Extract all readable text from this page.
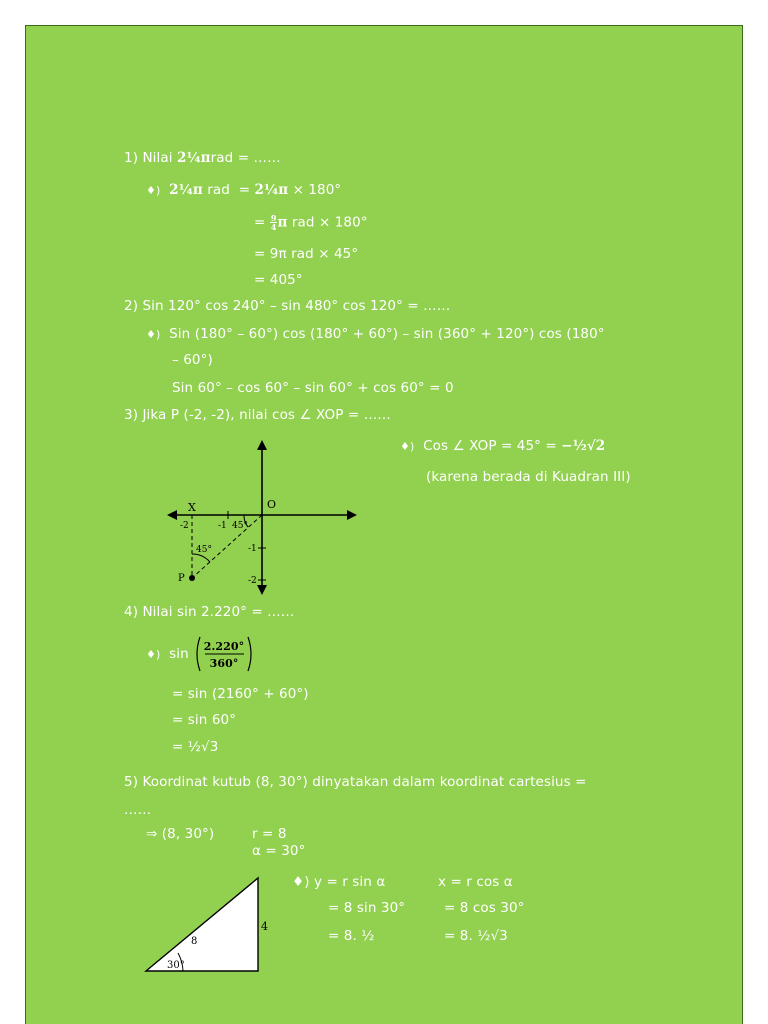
1) Nilai 2¼πrad = ……
♦) 2¼π rad = 2¼π × 180°
= $\frac{9}{4}$ π rad × 180°
= 9π rad × 45°
= 405°
2) Sin 120° cos 240° – sin 480° cos 120° = ……
♦) Sin (180° – 60°) cos (180° + 60°) – sin (360° + 120°) cos (180°
– 60°)
Sin 60° – cos 60° – sin 60° + cos 60° = 0
3) Jika P (-2, -2), nilai cos ∠ XOP = ……
♦) Cos ∠ XOP = 45° = −½√2
(karena berada di Kuadran III)
X	O
-2	-1 45°
-1
-2
45°
P
4) Nilai sin 2.220° = ……
♦) sin 2.220°
360°
= sin (2160° + 60°)
= sin 60°
= ½√3
5) Koordinat kutub (8, 30°) dinyatakan dalam koordinat cartesius =
……
⇒ (8, 30°)	r = 8
α = 30°
♦) y = r sin α	x = r cos α
= 8 sin 30°	= 8 cos 30°
= 8. ½	= 8. ½√3
8
4
30°
